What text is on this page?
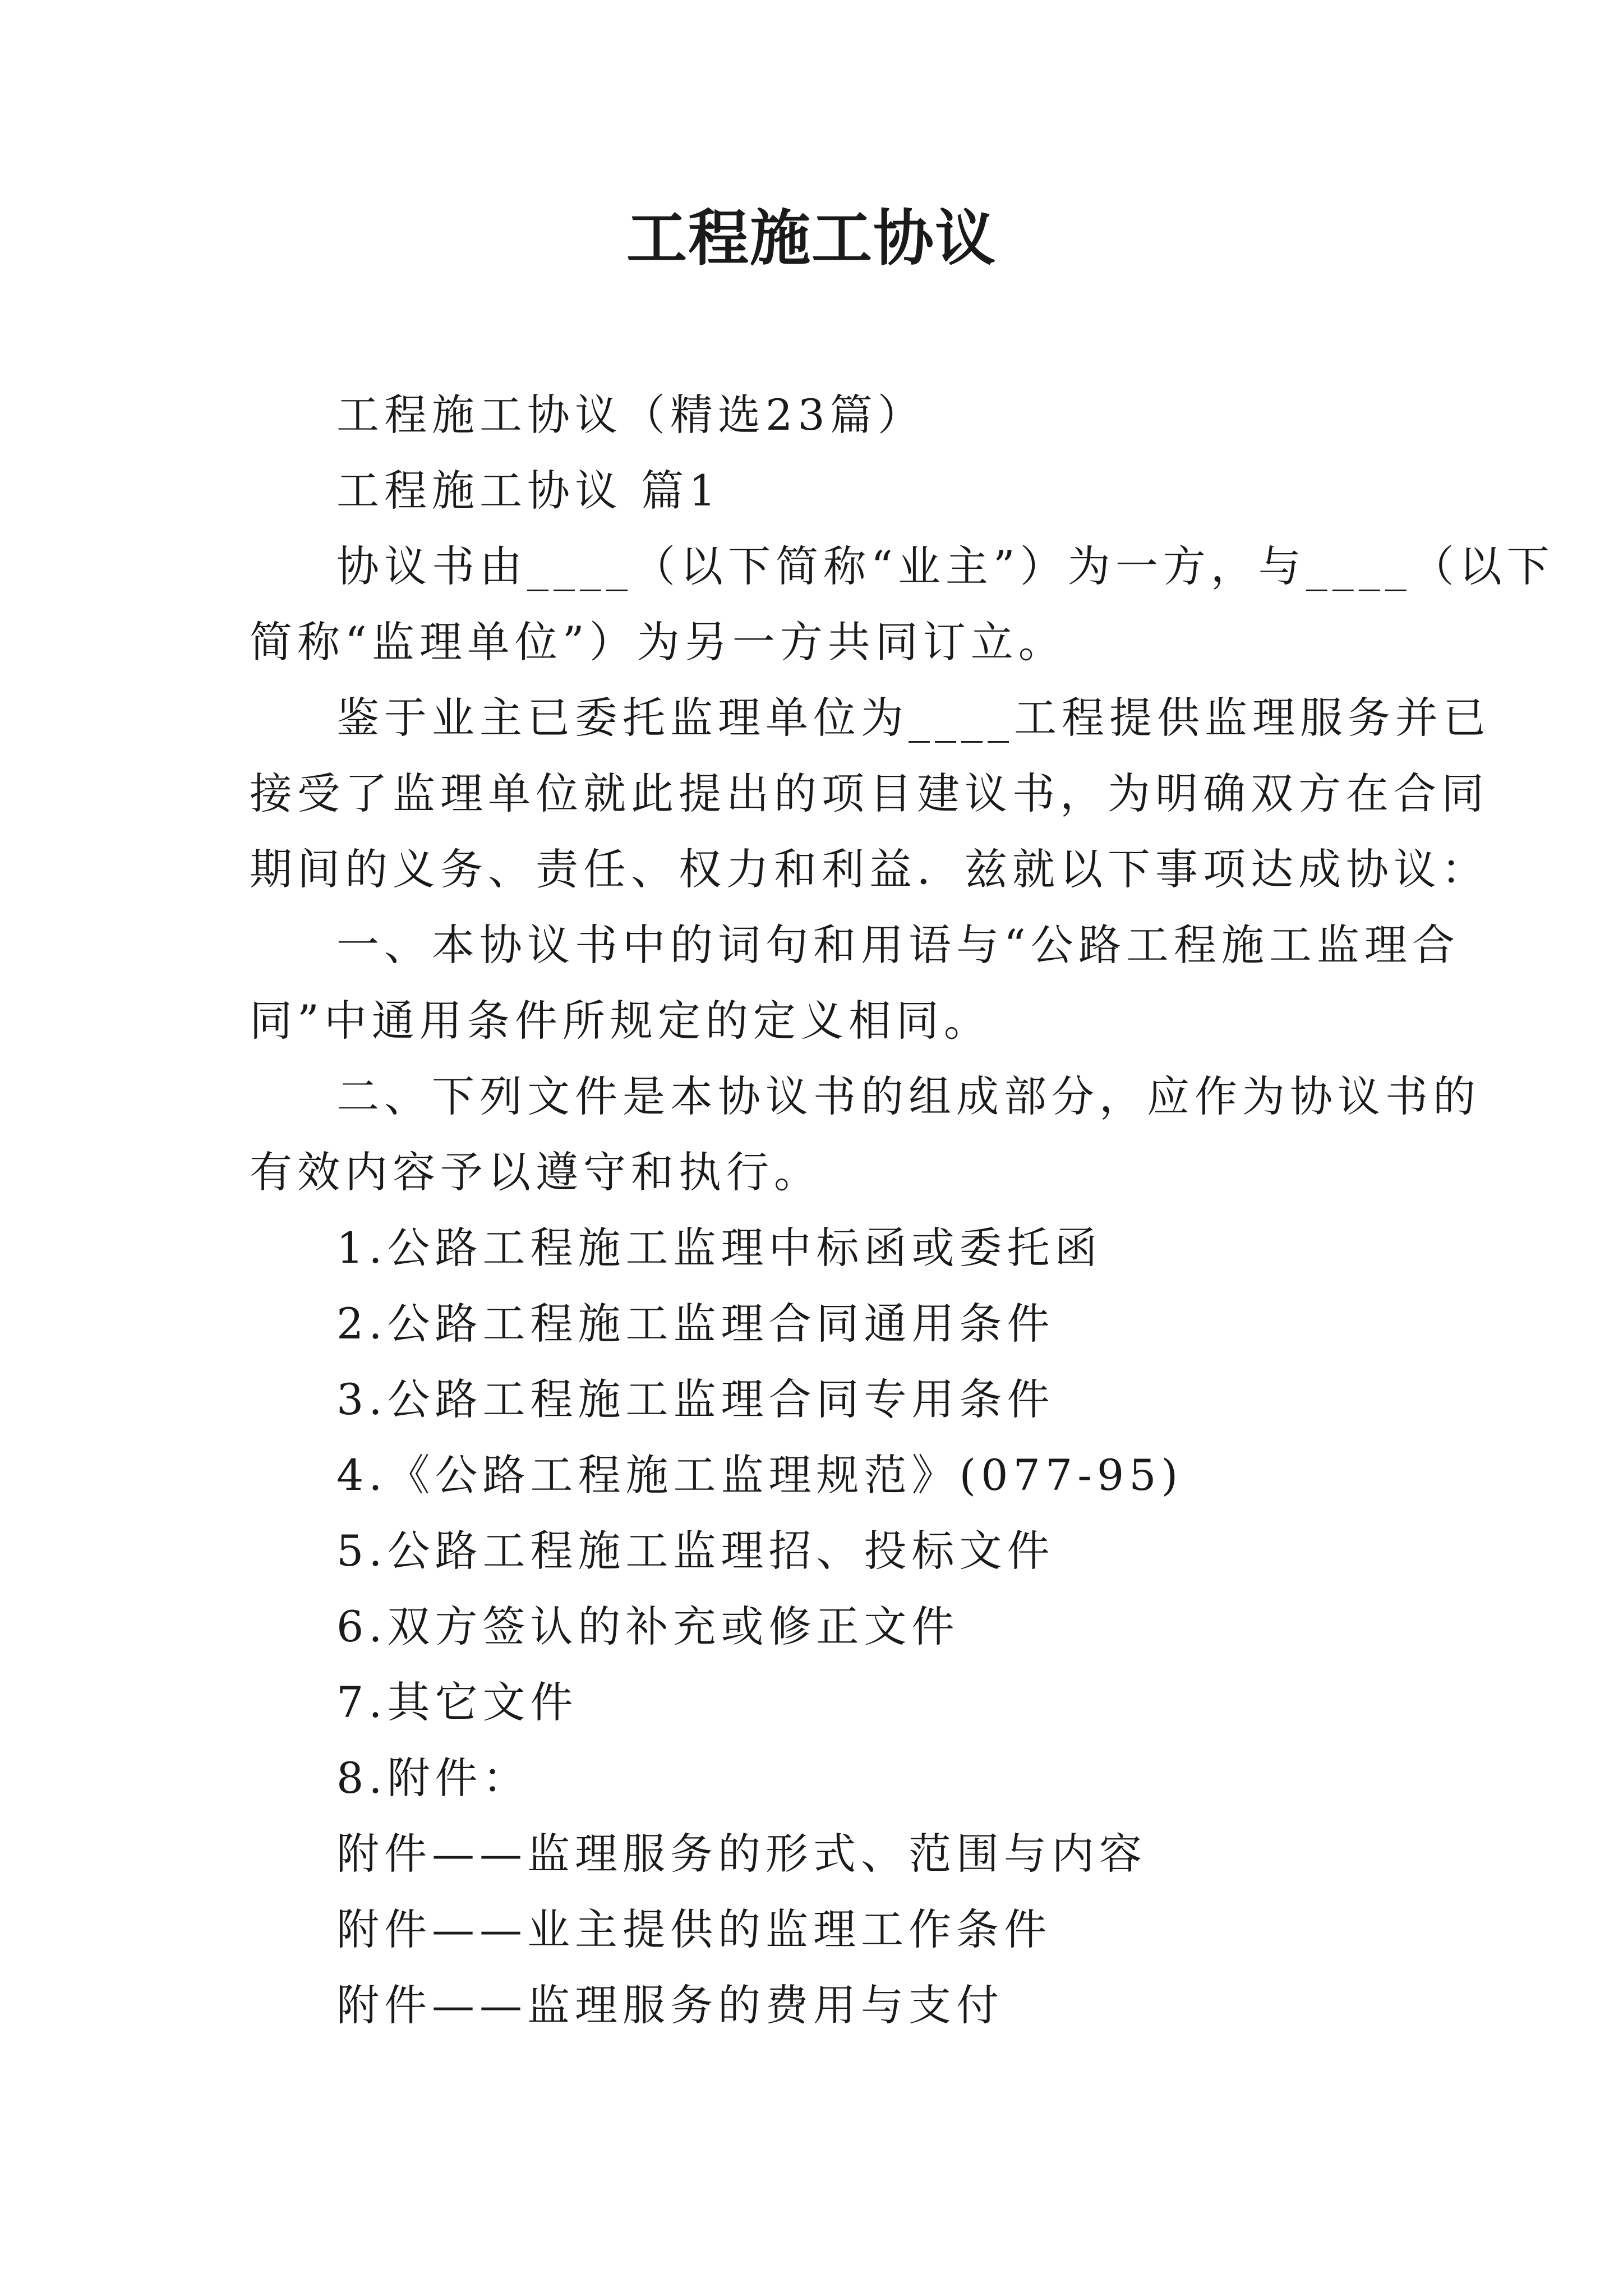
工程施工协议
工程施工协议（精选23篇）
工程施工协议 篇1
协议书由____（以下简称“业主”）为一方，与____（以下
简称“监理单位”）为另一方共同订立。
鉴于业主已委托监理单位为____工程提供监理服务并已
接受了监理单位就此提出的项目建议书，为明确双方在合同
期间的义务、责任、权力和利益．兹就以下事项达成协议：
一、本协议书中的词句和用语与“公路工程施工监理合
同”中通用条件所规定的定义相同。
二、下列文件是本协议书的组成部分，应作为协议书的
有效内容予以遵守和执行。
1.公路工程施工监理中标函或委托函
2.公路工程施工监理合同通用条件
3.公路工程施工监理合同专用条件
4.《公路工程施工监理规范》(077-95)
5.公路工程施工监理招、投标文件
6.双方签认的补充或修正文件
7.其它文件
8.附件：
附件——监理服务的形式、范围与内容
附件——业主提供的监理工作条件
附件——监理服务的费用与支付
